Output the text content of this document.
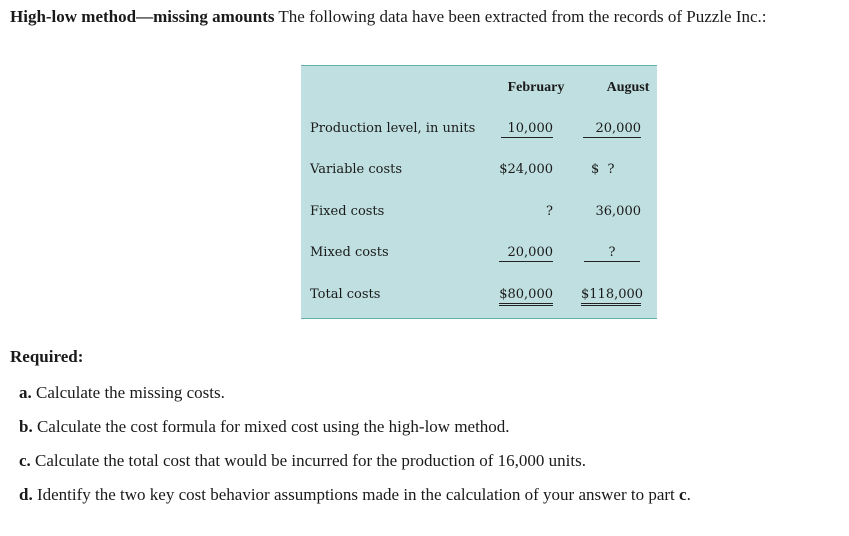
High-low method—missing amounts The following data have been extracted from the records of Puzzle Inc.:
February	August
Production level, in units	10,000	20,000
Variable costs	$24,000	$  ?
Fixed costs	?	36,000
Mixed costs	20,000	?
Total costs	$80,000 $118,000
Required:
a. Calculate the missing costs.
b. Calculate the cost formula for mixed cost using the high-low method.
c. Calculate the total cost that would be incurred for the production of 16,000 units.
d. Identify the two key cost behavior assumptions made in the calculation of your answer to part c.
